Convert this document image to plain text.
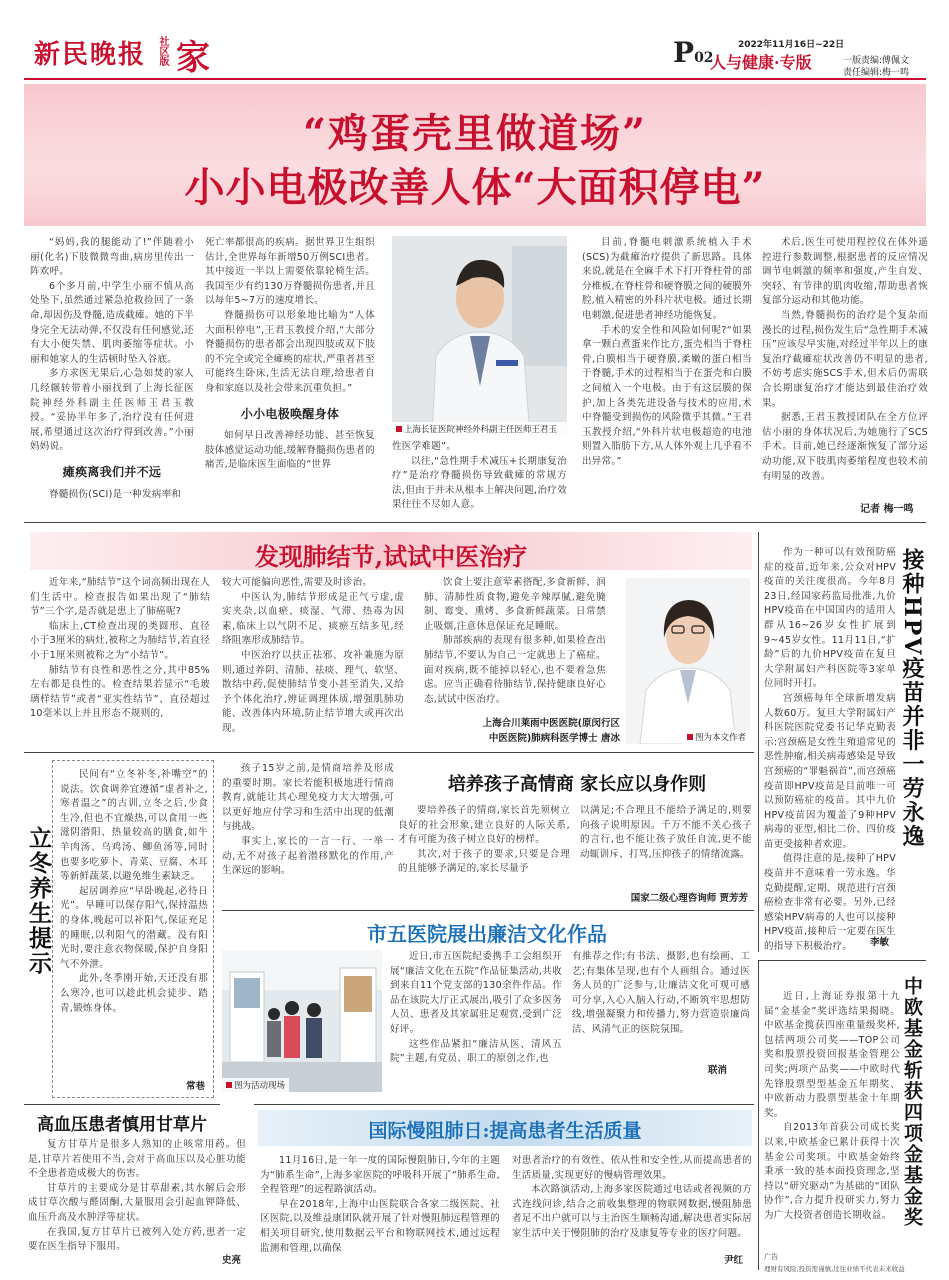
新民晚报 社区版 家	P02
人与健康·专版
2022年11月16日~22日
一版责编:傅佩文
责任编辑:梅一鸣
“鸡蛋壳里做道场”
小小电极改善人体“大面积停电”

“妈妈,我的腿能动了!”伴随着小丽(化名)下肢微微弯曲,病房里传出一阵欢呼。

6个多月前,中学生小丽不慎从高处坠下,虽然通过紧急抢救捡回了一条命,却因伤及脊髓,造成截瘫。她的下半身完全无法动弹,不仅没有任何感觉,还有大小便失禁、肌肉萎缩等症状。小丽和她家人的生活顿时坠入谷底。

多方求医无果后,心急如焚的家人几经辗转带着小丽找到了上海长征医院神经外科副主任医师王君玉教授。“妥协半年多了,治疗没有任何进展,希望通过这次治疗得到改善。”小丽妈妈说。

瘫痪离我们并不远

脊髓损伤(SCI)是一种发病率和

死亡率都很高的疾病。据世界卫生组织估计,全世界每年新增50万例SCI患者。其中接近一半以上需要依靠轮椅生活。我国至少有约130万脊髓损伤患者,并且以每年5~7万的速度增长。

脊髓损伤可以形象地比喻为“人体大面积停电”,王君玉教授介绍,“大部分脊髓损伤的患者都会出现四肢或双下肢的不完全或完全瘫痪的症状,严重者甚至可能终生卧床,生活无法自理,给患者自身和家庭以及社会带来沉重负担。”

小小电极唤醒身体

如何早日改善神经功能、甚至恢复肢体感觉运动功能,缓解脊髓损伤患者的痛苦,是临床医生面临的“世界

上海长征医院神经外科副主任医师王君玉

性医学难题”。

以往,“急性期手术减压+长期康复治疗”是治疗脊髓损伤导致截瘫的常规方法,但由于并未从根本上解决问题,治疗效果往往不尽如人意。

目前,脊髓电刺激系统植入手术(SCS)为截瘫治疗提供了新思路。具体来说,就是在全麻手术下打开脊柱骨的部分椎板,在脊柱骨和硬脊膜之间的硬膜外腔,植入精密的外科片状电极。通过长期电刺激,促进患者神经功能恢复。

手术的安全性和风险如何呢?“如果拿一颗白煮蛋来作比方,蛋壳相当于脊柱骨,白膜相当于硬脊膜,柔嫩的蛋白相当于脊髓,手术的过程相当于在蛋壳和白膜之间植入一个电极。由于有这层膜的保护,加上各类先进设备与技术的应用,术中脊髓受到损伤的风险微乎其微。”王君玉教授介绍,“外科片状电极超造的电池则置入脂肪下方,从人体外观上几乎看不出异常。”

术后,医生可使用程控仪在体外遥控进行参数调整,根据患者的反应情况调节电刺激的频率和强度,产生自发、突轻、有节律的肌肉收缩,帮助患者恢复部分运动和其他功能。

当然,脊髓损伤的治疗是个复杂而漫长的过程,损伤发生后“急性期手术减压”应该尽早实施,对经过半年以上的康复治疗截瘫症状改善仍不明显的患者,不妨考虑实施SCS手术,但术后仍需联合长期康复治疗才能达到最佳治疗效果。

据悉,王君玉教授团队在全方位评估小丽的身体状况后,为她施行了SCS手术。目前,她已经逐渐恢复了部分运动功能,双下肢肌肉萎缩程度也较术前有明显的改善。

记者 梅一鸣
发现肺结节,试试中医治疗

近年来,“肺结节”这个词高频出现在人们生活中。检查报告如果出现了“肺结节”三个字,是否就是患上了肺癌呢?

临床上,CT检查出现的类圆形、直径小于3厘米的病灶,被称之为肺结节,若直径小于1厘米则被称之为“小结节”。

肺结节有良性和恶性之分,其中85%左右都是良性的。检查结果若显示“毛玻璃样结节”或者“亚实性结节”、直径超过10毫米以上并且形态不规则的,

较大可能偏向恶性,需要及时诊治。

中医认为,肺结节形成是正气亏虚,虚实夹杂,以血瘀、痰湿、气滞、热毒为因素,临床上以气阴不足、痰瘀互结多见,经络阻塞形成肺结节。

中医治疗以扶正祛邪、攻补兼施为原则,通过养阴、清肺、祛痰、理气、软坚、散结中药,促使肺结节变小甚至消失,又给予个体化治疗,辨证调理体质,增强肌肺功能、改善体内环境,防止结节增大或再次出现。

饮食上要注意荤素搭配,多食新鲜、润肺、清肺性质食物,避免辛辣厚腻,避免腌制、霉变、熏烤、多食新鲜蔬菜。日常禁止吸烟,注意休息保证充足睡眠。

肺部疾病的表现有很多种,如果检查出肺结节,不要认为自己一定就患上了癌症。面对疾病,既不能掉以轻心,也不要着急焦虑。应当正确看待肺结节,保持健康良好心态,试试中医治疗。

上海合川莱雨中医医院(原闵行区
中医医院)肺病科医学博士 唐冰	图为本文作者

作为一种可以有效预防癌症的疫苗,近年来,公众对HPV疫苗的关注度很高。今年8月23日,经国家药监局批准,九价HPV疫苗在中国国内的适用人群从16~26岁女性扩展到9~45岁女性。11月11日,“扩龄”后的九价HPV疫苗在复旦大学附属妇产科医院等3家单位同时开打。

宫颈癌每年全球新增发病人数60万。复旦大学附属妇产科医院医院党委书记华克勤表示:宫颈癌是女性生殖道常见的恶性肿瘤,相关病毒感染是导致宫颈癌的“罪魁祸首”,而宫颈癌疫苗即HPV疫苗是目前唯一可以预防癌症的疫苗。其中九价HPV疫苗因为覆盖了9种HPV病毒的亚型,相比二价、四价疫苗更受接种者欢迎。

值得注意的是,接种了HPV疫苗并不意味着一劳永逸。华克勤提醒,定期、规范进行宫颈癌检查非常有必要。另外,已经感染HPV病毒的人也可以接种HPV疫苗,接种后一定要在医生的指导下积极治疗。	李敏
接种HPV疫苗并非一劳永逸
立冬养生提示

民间有“立冬补冬,补嘴空”的说法。饮食调养宜遵循“虚者补之,寒者温之”的古训,立冬之后,少食生冷,但也不宜燥热,可以食用一些滋阴潜阳、热量较高的膳食,如牛羊肉汤、乌鸡汤、鲫鱼汤等,同时也要多吃萝卜、青菜、豆腐、木耳等新鲜蔬菜,以避免维生素缺乏。

起居调养应“早卧晚起,必待日光”。早睡可以保存阳气,保持温热的身体,晚起可以补阳气,保证充足的睡眠,以利阳气的潜藏。没有阳光时,要注意衣物保暖,保护自身阳气不外泄。

此外,冬季刚开始,天还没有那么寒冷,也可以趁此机会徒步、踏青,锻炼身体。

常巷

孩子15岁之前,是情商培养及形成的重要时期。家长若能积极地进行情商教育,就能让其心理免疫力大大增强,可以更好地应付学习和生活中出现的低潮与挑战。

事实上,家长的一言一行、一举一动,无不对孩子起着潜移默化的作用,产生深远的影响。

培养孩子高情商 家长应以身作则

要培养孩子的情商,家长首先须树立良好的社会形象,建立良好的人际关系,才有可能为孩子树立良好的榜样。

其次,对于孩子的要求,只要是合理的且能够予满足的,家长尽量予

以满足;不合理且不能给予满足的,则要向孩子说明原因。千万不能不关心孩子的言行,也不能让孩子放任自流,更不能动辄训斥、打骂,压抑孩子的情绪流露。

国家二级心理咨询师 贾芳芳
市五医院展出廉洁文化作品
图为活动现场

近日,市五医院纪委携手工会组织开展“廉洁文化在五院”作品征集活动,共收到来自11个党支部的130余件作品。作品在该院大厅正式展出,吸引了众多医务人员、患者及其家属驻足观赏,受到广泛好评。

这些作品紧扣“廉洁从医、清风五院”主题,有党员、职工的原创之作,也

有推荐之作;有书法、摄影,也有绘画、工艺;有集体呈现,也有个人画组合。通过医务人员的广泛参与,让廉洁文化可观可感可分享,入心入脑入行动,不断筑牢思想防线,增强凝聚力和传播力,努力营造崇廉尚洁、风清气正的医院氛围。

联消
高血压患者慎用甘草片

复方甘草片是很多人熟知的止咳常用药。但是,甘草片若使用不当,会对于高血压以及心脏功能不全患者造成极大的伤害。

甘草片的主要成分是甘草甜素,其水解后会形成甘草次酸与醛固酮,大量服用会引起血钾降低、血压升高及水肿浮等症状。

在我国,复方甘草片已被列入处方药,患者一定要在医生指导下服用。

史亮
国际慢阻肺日:提高患者生活质量

11月16日,是一年一度的国际慢阻肺日,今年的主题为“肺系生命”,上海多家医院的呼吸科开展了“肺系生命,全程管理”的远程路演活动。

早在2018年,上海中山医院联合各家二级医院、社区医院,以及维益康团队就开展了针对慢阻肺远程管理的相关项目研究,使用数据云平台和物联网技术,通过远程监测和管理,以确保

对患者治疗的有效性、依从性和安全性,从而提高患者的生活质量,实现更好的慢病管理效果。

本次路演活动,上海多家医院通过电话或者视频的方式连线问诊,结合之前收集整理的物联网数据,慢阻肺患者足不出户就可以与主治医生顺畅沟通,解决患者实际居家生活中关于慢阻肺的治疗及康复等专业的医疗问题。

尹红

近日,上海证券报第十九届“金基金”奖评选结果揭晓。中欧基金揽获四座重量级奖杯,包括两项公司奖——TOP公司奖和股票投资回报基金管理公司奖;两项产品奖——中欧时代先锋股票型型基金五年期奖、中欧新动力股票型基金十年期奖。

自2013年首获公司成长奖以来,中欧基金已累计获得十次基金公司奖项。中欧基金始终秉承一致的基本面投资理念,坚持以“研究驱动”为基础的“团队协作”,合力提升投研实力,努力为广大投资者创造长期收益。 中欧基金斩获四项金基金奖
广告
理财有风险,投资需谨慎,过往业绩不代表未来收益
